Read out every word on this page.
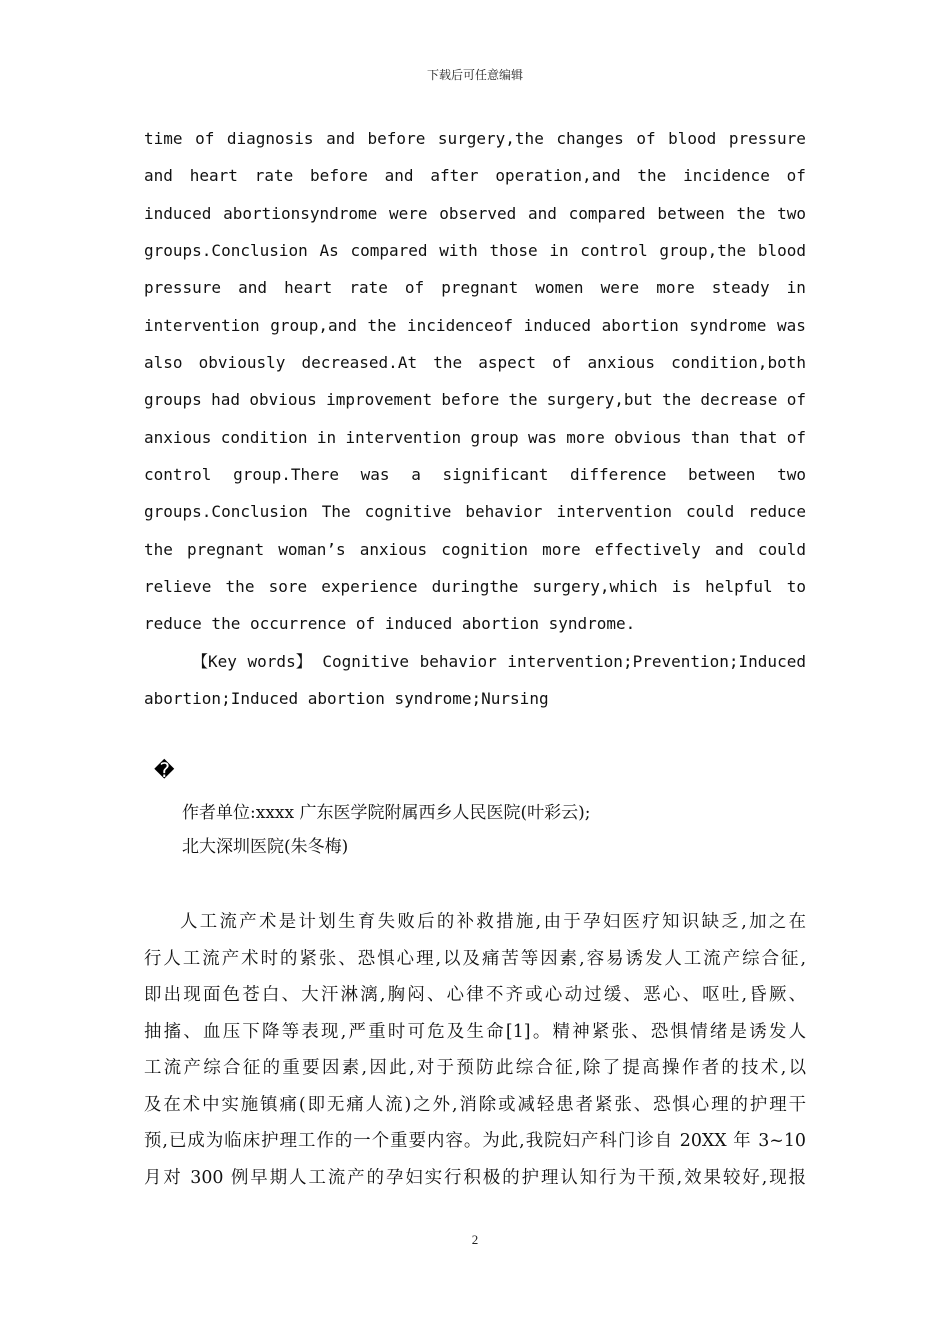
下载后可任意编辑
time of diagnosis and before surgery,the changes of blood pressure
and heart rate before and after operation,and the incidence of
induced abortionsyndrome were observed and compared between the two
groups.Conclusion As compared with those in control group,the blood
pressure and heart rate of pregnant women were more steady in
intervention group,and the incidenceof induced abortion syndrome was
also obviously decreased.At the aspect of anxious condition,both
groups had obvious improvement before the surgery,but the decrease of
anxious condition in intervention group was more obvious than that of
control group.There was a significant difference between two
groups.Conclusion The cognitive behavior intervention could reduce
the pregnant woman’s anxious cognition more effectively and could
relieve the sore experience duringthe surgery,which is helpful to
reduce the occurrence of induced abortion syndrome.
【Key words】 Cognitive behavior intervention;Prevention;Induced
abortion;Induced abortion syndrome;Nursing
�
作者单位:xxxx 广东医学院附属西乡人民医院(叶彩云);
北大深圳医院(朱冬梅)
人工流产术是计划生育失败后的补救措施,由于孕妇医疗知识缺乏,加之在
行人工流产术时的紧张、恐惧心理,以及痛苦等因素,容易诱发人工流产综合征,
即出现面色苍白、大汗淋漓,胸闷、心律不齐或心动过缓、恶心、呕吐,昏厥、
抽搐、血压下降等表现,严重时可危及生命[1]。精神紧张、恐惧情绪是诱发人
工流产综合征的重要因素,因此,对于预防此综合征,除了提高操作者的技术,以
及在术中实施镇痛(即无痛人流)之外,消除或减轻患者紧张、恐惧心理的护理干
预,已成为临床护理工作的一个重要内容。为此,我院妇产科门诊自 20XX 年 3~10
月对 300 例早期人工流产的孕妇实行积极的护理认知行为干预,效果较好,现报
2
